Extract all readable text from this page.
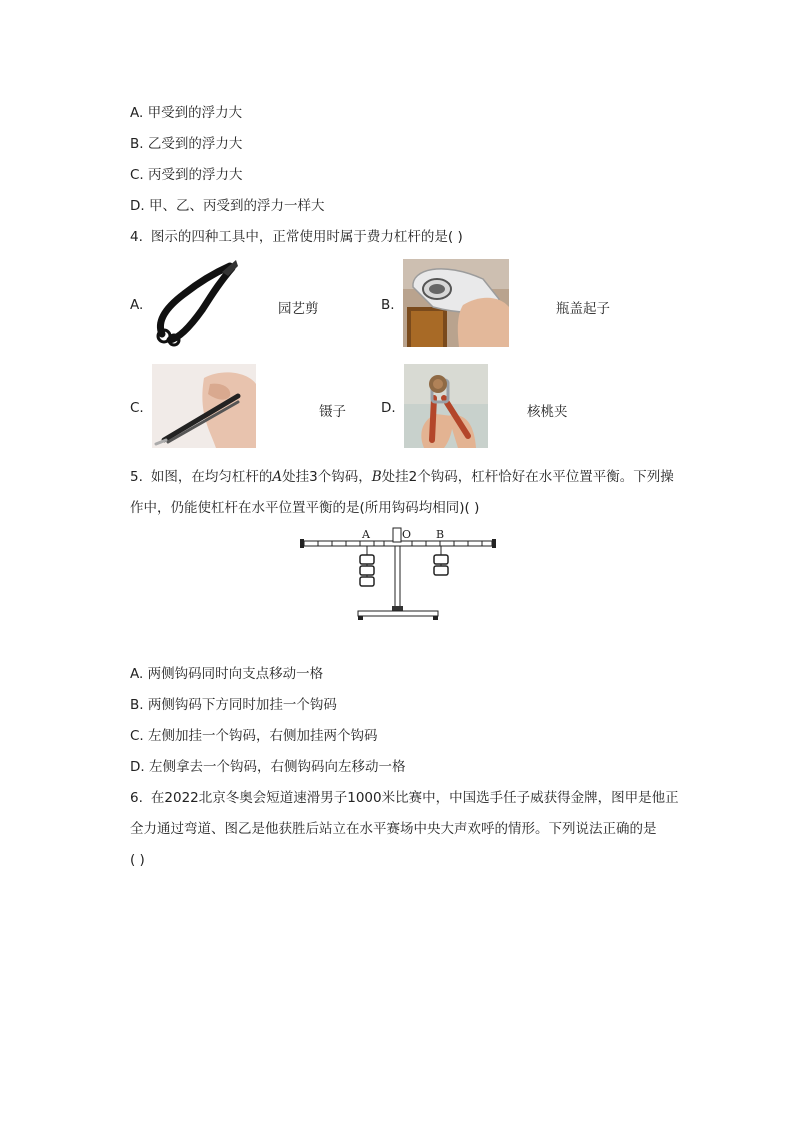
A. 甲受到的浮力大
B. 乙受到的浮力大
C. 丙受到的浮力大
D. 甲、乙、丙受到的浮力一样大
4. 图示的四种工具中，正常使用时属于费力杠杆的是( )
A.	园艺剪	B.	瓶盖起子
C.	镊子	D.	核桃夹
5. 如图，在均匀杠杆的A处挂3个钩码，B处挂2个钩码，杠杆恰好在水平位置平衡。下列操
作中，仍能使杠杆在水平位置平衡的是(所用钩码均相同)( )
A	O B
A. 两侧钩码同时向支点移动一格
B. 两侧钩码下方同时加挂一个钩码
C. 左侧加挂一个钩码，右侧加挂两个钩码
D. 左侧拿去一个钩码，右侧钩码向左移动一格
6. 在2022北京冬奥会短道速滑男子1000米比赛中，中国选手任子威获得金牌，图甲是他正
全力通过弯道、图乙是他获胜后站立在水平赛场中央大声欢呼的情形。下列说法正确的是
( )
